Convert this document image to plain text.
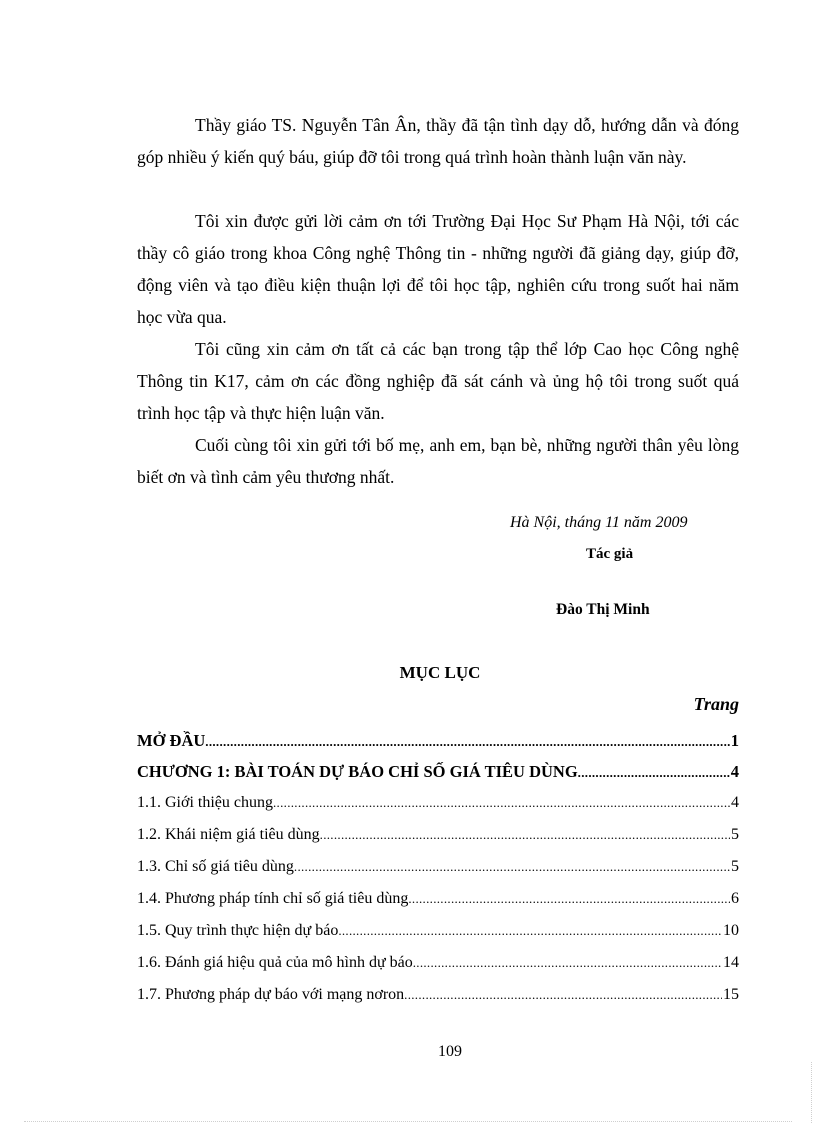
Thầy giáo TS. Nguyễn Tân Ân, thầy đã tận tình dạy dỗ, hướng dẫn và đóng góp nhiều ý kiến quý báu, giúp đỡ tôi trong quá trình hoàn thành luận văn này.

Tôi xin được gửi lời cảm ơn tới Trường Đại Học Sư Phạm Hà Nội, tới các thầy cô giáo trong khoa Công nghệ Thông tin - những người đã giảng dạy, giúp đỡ, động viên và tạo điều kiện thuận lợi để tôi học tập, nghiên cứu trong suốt hai năm học vừa qua.

Tôi cũng xin cảm ơn tất cả các bạn trong tập thể lớp Cao học Công nghệ Thông tin K17, cảm ơn các đồng nghiệp đã sát cánh và ủng hộ tôi trong suốt quá trình học tập và thực hiện luận văn.

Cuối cùng tôi xin gửi tới bố mẹ, anh em, bạn bè, những người thân yêu lòng biết ơn và tình cảm yêu thương nhất.

Hà Nội, tháng 11 năm 2009

Tác giả

Đào Thị Minh

MỤC LỤC

Trang

MỞ ĐẦU .....	1
CHƯƠNG 1: BÀI TOÁN DỰ BÁO CHỈ SỐ GIÁ TIÊU DÙNG .....	4
1.1. Giới thiệu chung .....	4
1.2. Khái niệm giá tiêu dùng .....	5
1.3. Chỉ số giá tiêu dùng .....	5
1.4. Phương pháp tính chỉ số giá tiêu dùng .....	6
1.5. Quy trình thực hiện dự báo .....	10
1.6. Đánh giá hiệu quả của mô hình dự báo .....	14
1.7. Phương pháp dự báo với mạng nơron .....	15

109
